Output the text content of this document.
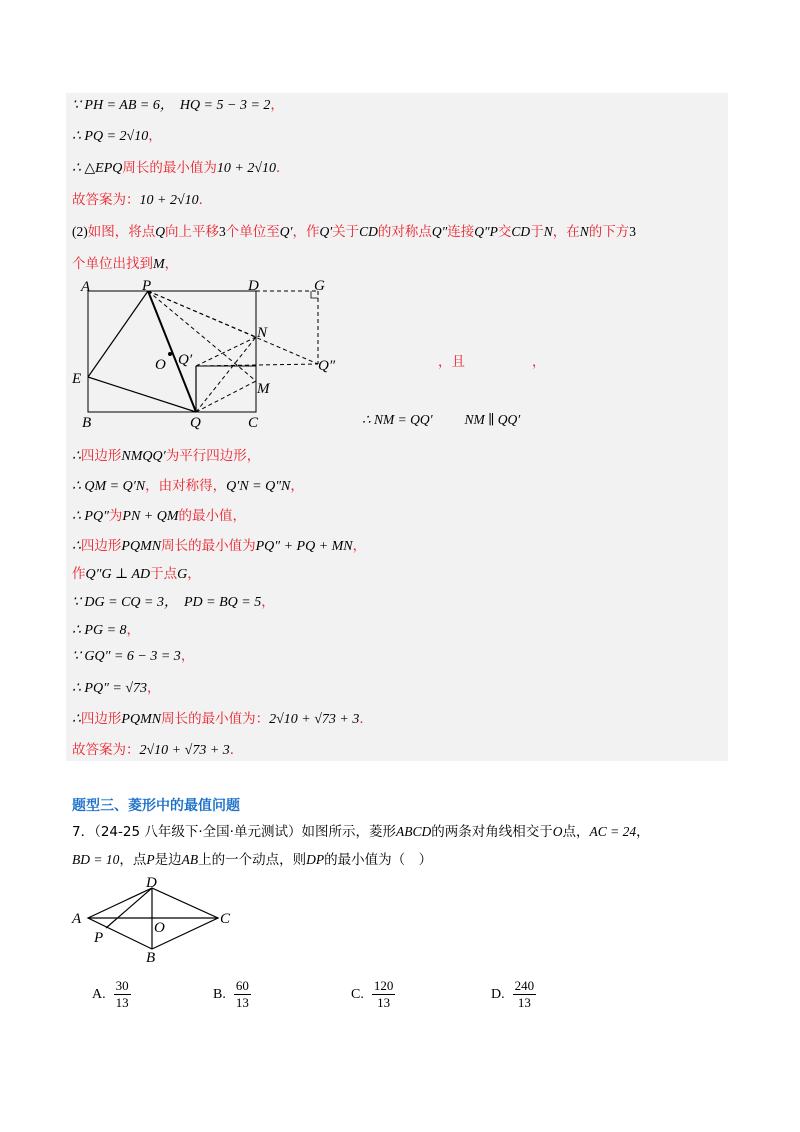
∵ PH = AB = 6， HQ = 5 − 3 = 2，
∴ PQ = 2√10，
∴ △EPQ周长的最小值为10 + 2√10．
故答案为：10 + 2√10．
(2)如图，将点Q向上平移3个单位至Q′，作Q′关于CD的对称点Q″连接Q″P交CD于N，在N的下方3
个单位出找到M，
A	P	D	G
N
O Q′	Q″
E
M
B	Q	C
，且	，
∴ NM = QQ′ NM ∥ QQ′
∴四边形NMQQ′为平行四边形，
∴ QM = Q′N，由对称得，Q′N = Q″N，
∴ PQ″为PN + QM的最小值，
∴四边形PQMN周长的最小值为PQ″ + PQ + MN，
作Q″G ⊥ AD于点G，
∵ DG = CQ = 3， PD = BQ = 5，
∴ PG = 8，
∵ GQ″ = 6 − 3 = 3，
∴ PQ″ = √73，
∴四边形PQMN周长的最小值为：2√10 + √73 + 3．
故答案为：2√10 + √73 + 3．
题型三、菱形中的最值问题
7．（24-25 八年级下·全国·单元测试）如图所示，菱形ABCD的两条对角线相交于O点，AC = 24，
BD = 10，点P是边AB上的一个动点，则DP的最小值为（　）
D
A	C
O
P
B
A. $\frac{30}{13}$	B. $\frac{60}{13}$	C. $\frac{120}{13}$	D. $\frac{240}{13}$
